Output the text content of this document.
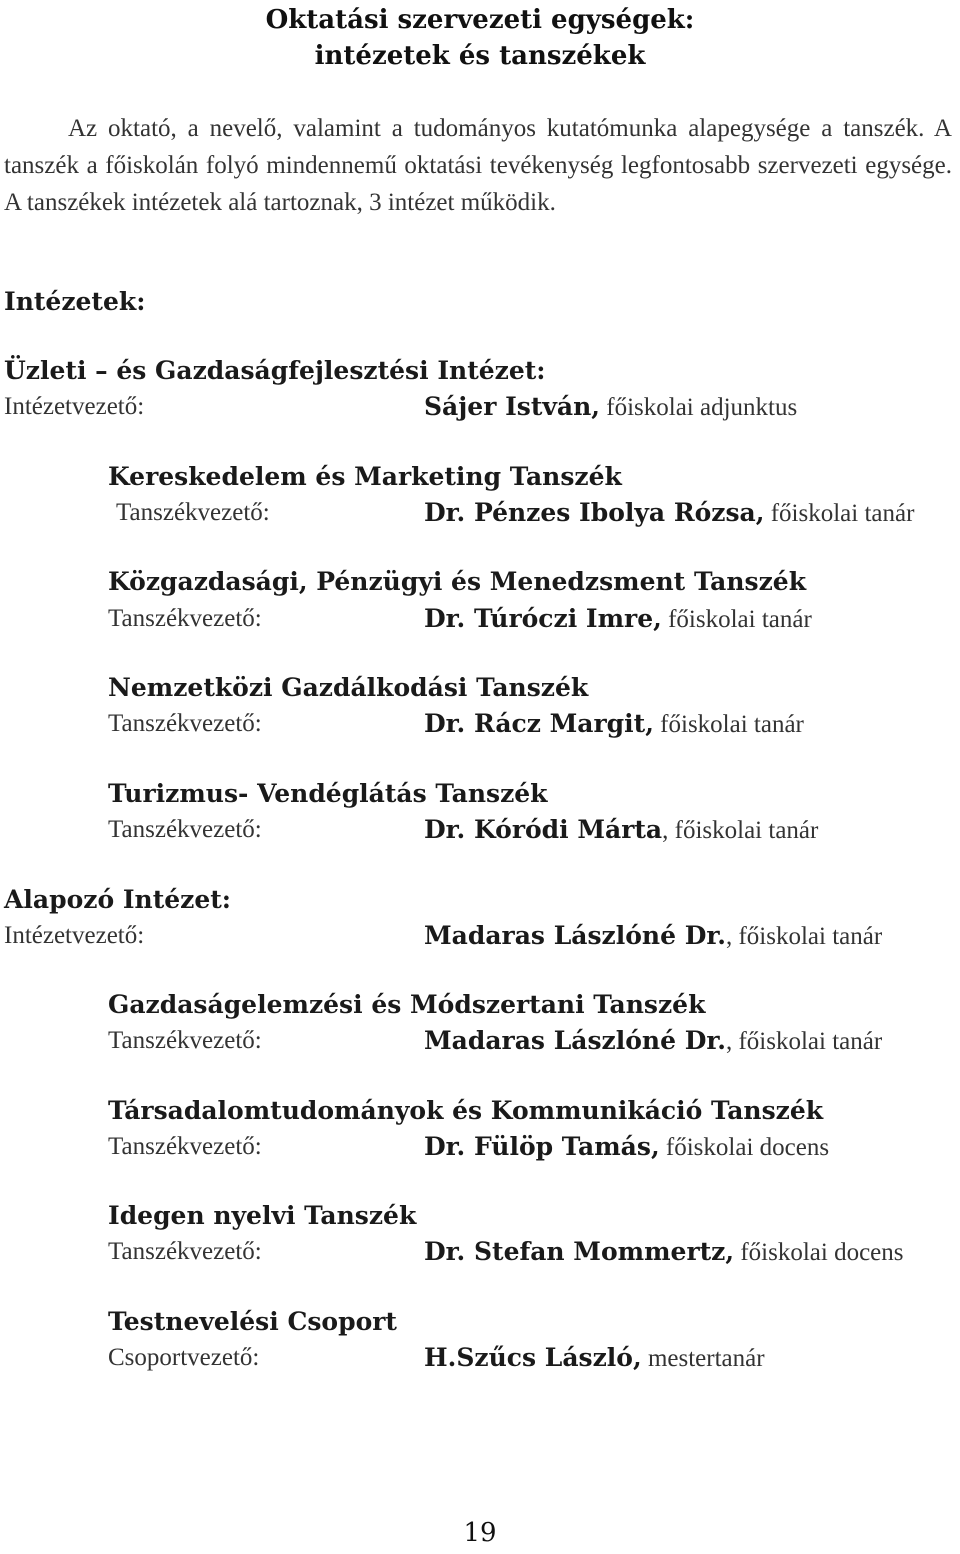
Oktatási szervezeti egységek:
intézetek és tanszékek

Az oktató, a nevelő, valamint a tudományos kutatómunka alapegysége a tanszék. A tanszék a főiskolán folyó mindennemű oktatási tevékenység legfontosabb szervezeti egysége. A tanszékek intézetek alá tartoznak, 3 intézet működik.

Intézetek:
Üzleti – és Gazdaságfejlesztési Intézet:
Intézetvezető:	Sájer István, főiskolai adjunktus
Kereskedelem és Marketing Tanszék
Tanszékvezető:	Dr. Pénzes Ibolya Rózsa, főiskolai tanár
Közgazdasági, Pénzügyi és Menedzsment Tanszék
Tanszékvezető:	Dr. Túróczi Imre, főiskolai tanár
Nemzetközi Gazdálkodási Tanszék
Tanszékvezető:	Dr. Rácz Margit, főiskolai tanár
Turizmus- Vendéglátás Tanszék
Tanszékvezető:	Dr. Kóródi Márta, főiskolai tanár
Alapozó Intézet:
Intézetvezető:	Madaras Lászlóné Dr., főiskolai tanár
Gazdaságelemzési és Módszertani Tanszék
Tanszékvezető:	Madaras Lászlóné Dr., főiskolai tanár
Társadalomtudományok és Kommunikáció Tanszék
Tanszékvezető:	Dr. Fülöp Tamás, főiskolai docens
Idegen nyelvi Tanszék
Tanszékvezető:	Dr. Stefan Mommertz, főiskolai docens
Testnevelési Csoport
Csoportvezető:	H.Szűcs László, mestertanár
19
